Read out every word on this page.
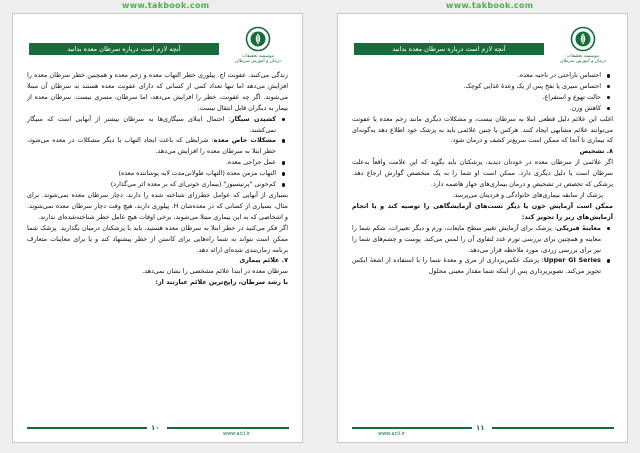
www.takbook.com	www.takbook.com
آنچه لازم است درباره سرطان معده بدانید
موسسه تحقیقات
درمان و آموزش سرطان

زندگی می‌کنند. عفونت اچ. پیلوری خطر التهاب معده و زخم معده و همچنین خطر سرطان معده را افزایش می‌دهد اما تنها تعداد کمی از کسانی که دارای عفونت معده هستند به سرطان آن مبتلا می‌شوند. اگر چه عفونت، خطر را افزایش می‌دهد، اما سرطان، مسری نیست. سرطان معده از بیمار به دیگران قابل انتقال نیست.

کشیدن سیگار: احتمال ابتلای سیگاری‌ها به سرطان بیشتر از آنهایی است که سیگار نمی‌کشند.
مشکلات خاص معده: شرایطی که باعث ایجاد التهاب یا دیگر مشکلات در معده می‌شود، خطر ابتلا به سرطان معده را افزایش می‌دهد.
عمل جراحی معده.
التهاب مزمن معده (التهاب طولانی‌مدت لایه پوشاننده معده)
کم‌خونی "پرنیسیوز" (بیماری خونی‌ای که بر معده اثر می‌گذارد)

بسیاری از آنهایی که عوامل خطرزای شناخته شده را دارند، دچار سرطان معده نمی‌شوند. برای مثال، بسیاری از کسانی که در معده‌شان H. پیلوری دارند، هیچ وقت دچار سرطان معده نمی‌شوند. و اشخاصی که به این بیماری مبتلا می‌شوند، برخی اوقات هیچ عامل خطر شناخته‌شده‌ای ندارند.

اگر فکر می‌کنید در خطر ابتلا به سرطان معده هستید، باید با پزشکتان درمیان بگذارید. پزشک شما ممکن است بتواند به شما راه‌هایی برای کاستن از خطر پیشنهاد کند و یا برای معاینات متعارف برنامه زمان‌بندی شده‌ای ارائه دهد.

۷. علائم بیماری

سرطان معده در ابتدا علائم مشخصی را نشان نمی‌دهد.

با رشد سرطان، رایج‌ترین علائم عبارتند از:

۱۰
www.acii.ir
آنچه لازم است درباره سرطان معده بدانید
موسسه تحقیقات
درمان و آموزش سرطان
احساس ناراحتی در ناحیه معده.
احساس سیری یا نفخ پس از یک وعدهٔ غذایی کوچک.
حالت تهوع و استفراغ.
کاهش وزن.

اغلب این علائم دلیل قطعی ابتلا به سرطان نیست، و مشکلات دیگری مانند زخم معده یا عفونت می‌توانند علائم مشابهی ایجاد کنند. هرکس با چنین علائمی باید به پزشک خود اطلاع دهد به‌گونه‌ای که بیماری تا آنجا که ممکن است سریع‌تر کشف و درمان شود.

۸. تشخیص

اگر علائمی از سرطان معده در خودتان دیدید، پزشکتان باید بگوید که این علامت واقعاً به‌علت سرطان است یا دلیل دیگری دارد. ممکن است او شما را به یک متخصص گوارش ارجاع دهد. پزشکی که تخصص در تشخیص و درمان بیماری‌های جهاز هاضمه دارد.

پزشک از سابقه بیماری‌های خانوادگی و فردیتان می‌پرسد.

ممکن است آزمایش خون یا دیگر تست‌های آزمایشگاهی را توصیه کند و یا انجام آزمایش‌های زیر را تجویز کند:

معاینهٔ فیزیکی: پزشک برای آزمایش تغییر سطح مایعات، ورم و دیگر تغییرات، شکم شما را معاینه و همچنین برای بررسی تورم غدد لنفاوی آن را لمس می‌کند. پوست و چشم‌های شما را نیز برای بررسی زردی، مورد ملاحظه قرار می‌دهد.
Upper GI Series: پزشک عکس‌برداری از مری و معدهٔ شما را با استفاده از اشعهٔ ایکس تجویز می‌کند. تصویربرداری پس از اینکه شما مقدار معینی محلول
۱۱
www.acii.ir
